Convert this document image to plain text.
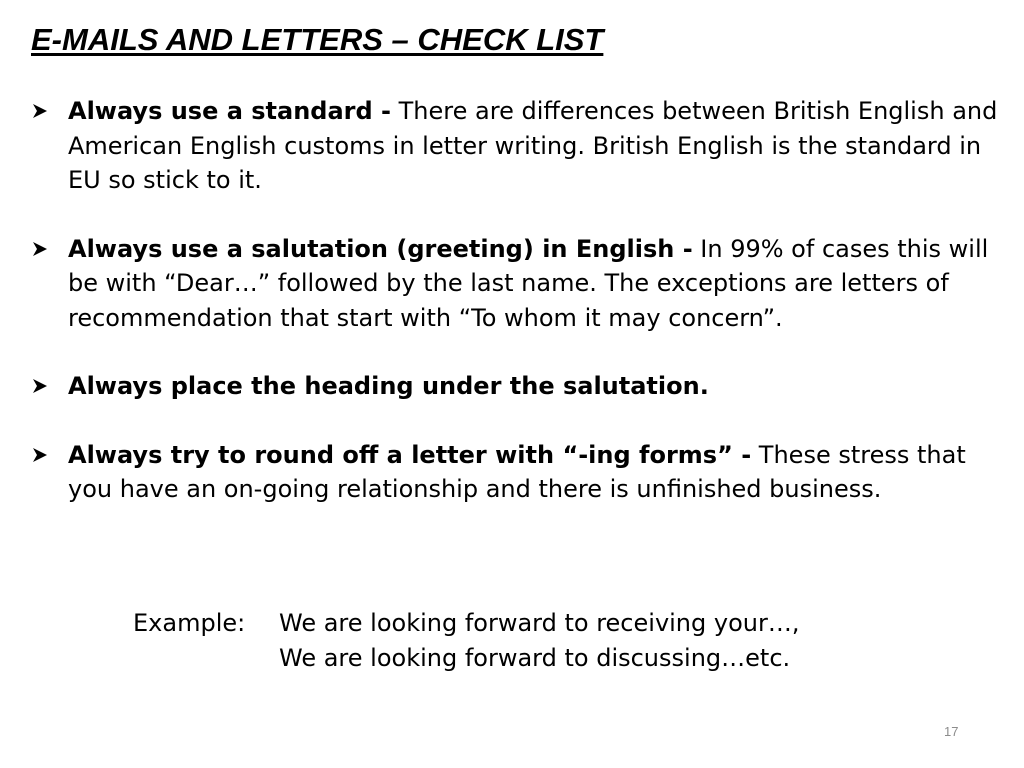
E-MAILS AND LETTERS – CHECK LIST
Always use a standard - There are differences between British English and American English customs in letter writing. British English is the standard in EU so stick to it.
Always use a salutation (greeting) in English - In 99% of cases this will be with “Dear…” followed by the last name. The exceptions are letters of recommendation that start with “To whom it may concern”.
Always place the heading under the salutation.
Always try to round off a letter with “-ing forms” - These stress that you have an on-going relationship and there is unfinished business.
Example:	We are looking forward to receiving your…,
We are looking forward to discussing…etc.
17
